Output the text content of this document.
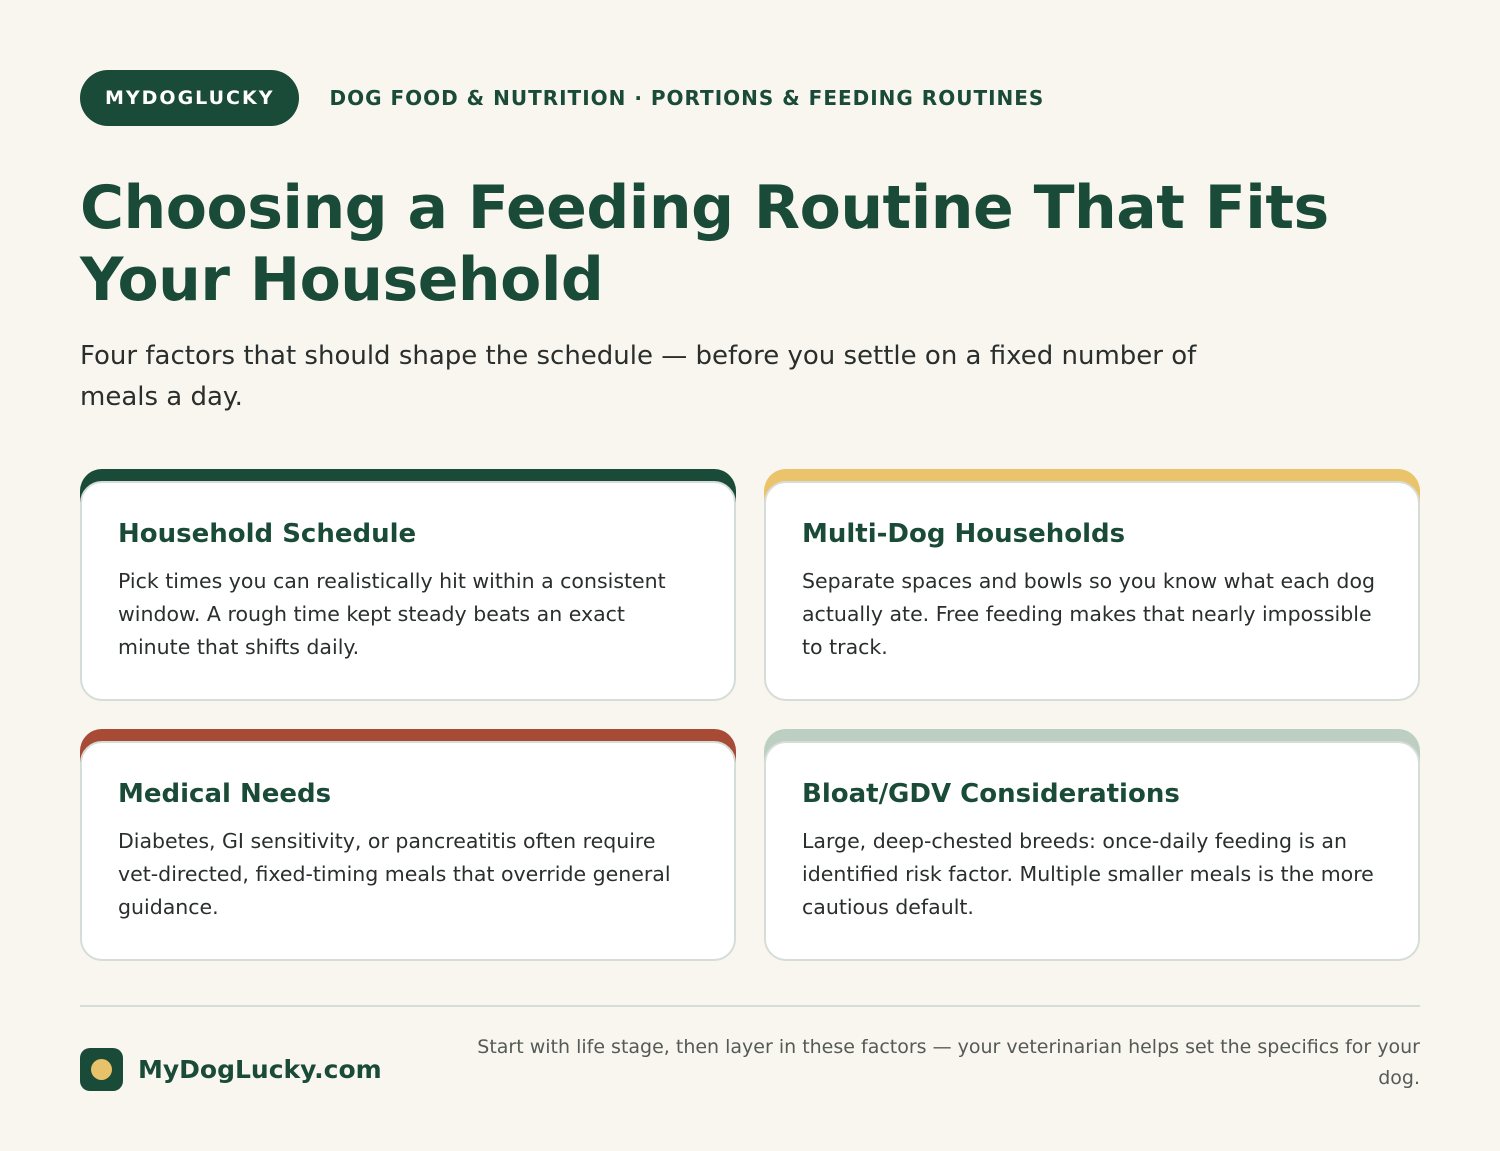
MYDOGLUCKY	DOG FOOD & NUTRITION · PORTIONS & FEEDING ROUTINES
Choosing a Feeding Routine That Fits Your Household

Four factors that should shape the schedule — before you settle on a fixed number of meals a day.

Household Schedule

Pick times you can realistically hit within a consistent window. A rough time kept steady beats an exact minute that shifts daily.

Multi-Dog Households

Separate spaces and bowls so you know what each dog actually ate. Free feeding makes that nearly impossible to track.

Medical Needs

Diabetes, GI sensitivity, or pancreatitis often require vet-directed, fixed-timing meals that override general guidance.

Bloat/GDV Considerations

Large, deep-chested breeds: once-daily feeding is an identified risk factor. Multiple smaller meals is the more cautious default.

MyDogLucky.com
Start with life stage, then layer in these factors — your veterinarian helps set the specifics for your dog.
